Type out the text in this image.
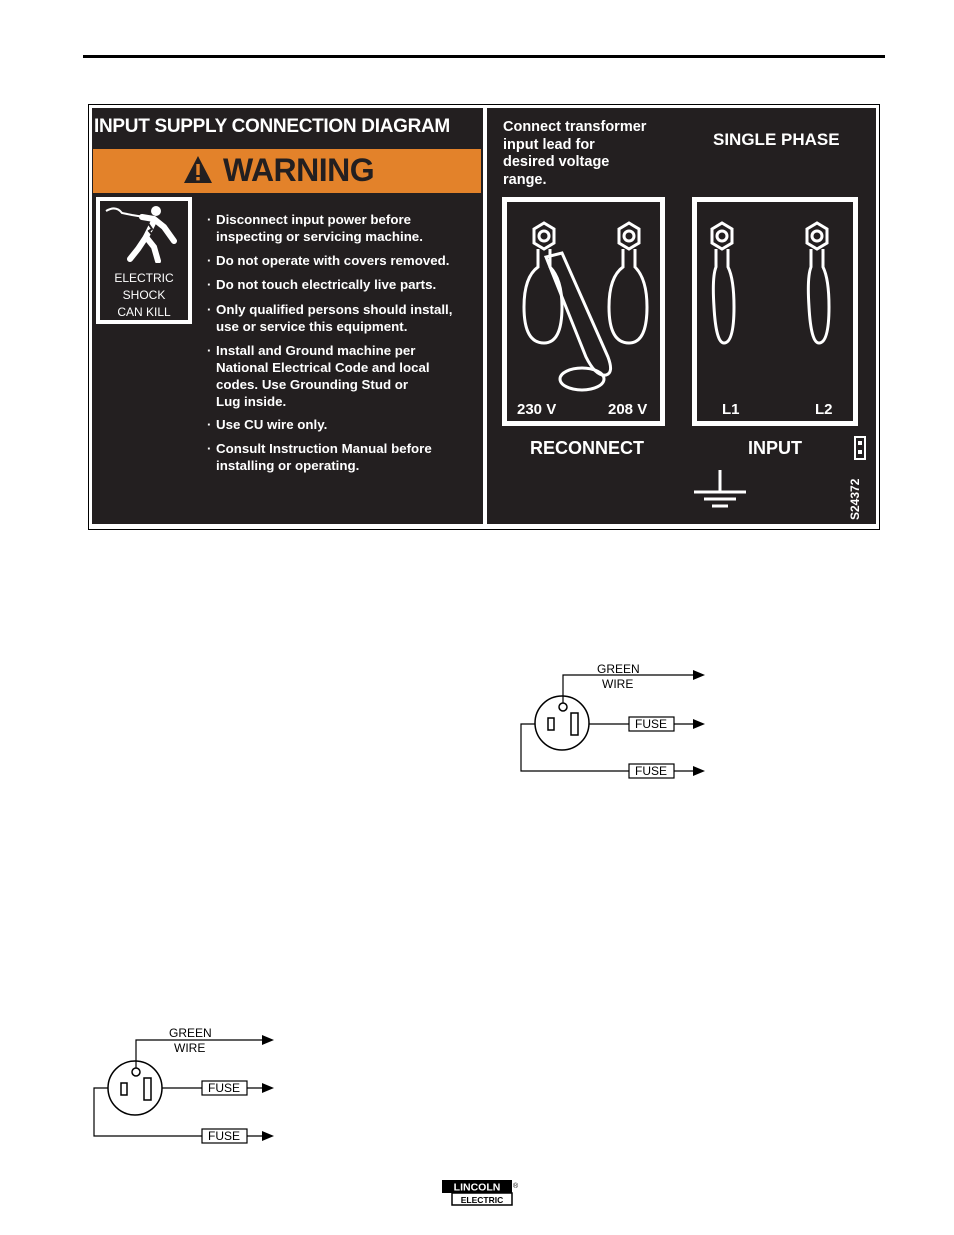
INPUT SUPPLY CONNECTION DIAGRAM
WARNING
ELECTRIC
SHOCK
CAN KILL
· Disconnect input power before
inspecting or servicing machine.
· Do not operate with covers removed.
· Do not touch electrically live parts.
· Only qualified persons should install,
use or service this equipment.
· Install and Ground machine per
National Electrical Code and local
codes. Use Grounding Stud or
Lug inside.
· Use CU wire only.
· Consult Instruction Manual before
installing or operating.
Connect transformer
input lead for
desired voltage
range.
SINGLE PHASE
230 V	208 V	L1	L2
RECONNECT	INPUT
S24372
GREEN
WIRE
FUSE
FUSE
GREEN
WIRE
FUSE
FUSE
LINCOLN
ELECTRIC
®
